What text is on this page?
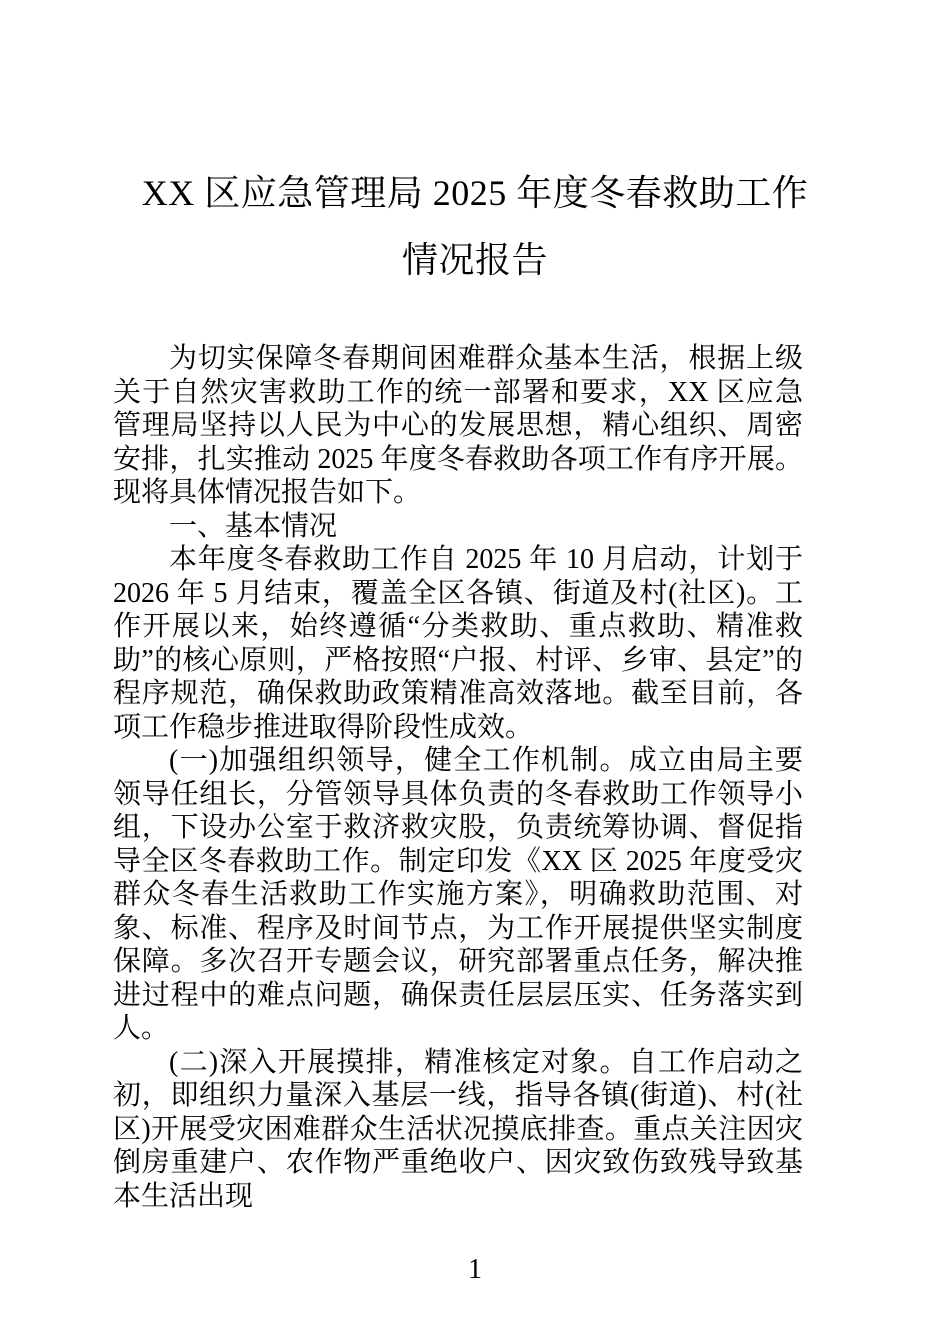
XX 区应急管理局 2025 年度冬春救助工作情况报告

为切实保障冬春期间困难群众基本生活，根据上级关于自然灾害救助工作的统一部署和要求，XX 区应急管理局坚持以人民为中心的发展思想，精心组织、周密安排，扎实推动 2025 年度冬春救助各项工作有序开展。现将具体情况报告如下。

一、基本情况

本年度冬春救助工作自 2025 年 10 月启动，计划于 2026 年 5 月结束，覆盖全区各镇、街道及村(社区)。工作开展以来，始终遵循“分类救助、重点救助、精准救助”的核心原则，严格按照“户报、村评、乡审、县定”的程序规范，确保救助政策精准高效落地。截至目前，各项工作稳步推进取得阶段性成效。

(一)加强组织领导，健全工作机制。成立由局主要领导任组长，分管领导具体负责的冬春救助工作领导小组，下设办公室于救济救灾股，负责统筹协调、督促指导全区冬春救助工作。制定印发《XX 区 2025 年度受灾群众冬春生活救助工作实施方案》，明确救助范围、对象、标准、程序及时间节点，为工作开展提供坚实制度保障。多次召开专题会议，研究部署重点任务，解决推进过程中的难点问题，确保责任层层压实、任务落实到人。

(二)深入开展摸排，精准核定对象。自工作启动之初，即组织力量深入基层一线，指导各镇(街道)、村(社区)开展受灾困难群众生活状况摸底排查。重点关注因灾倒房重建户、农作物严重绝收户、因灾致伤致残导致基本生活出现

1
